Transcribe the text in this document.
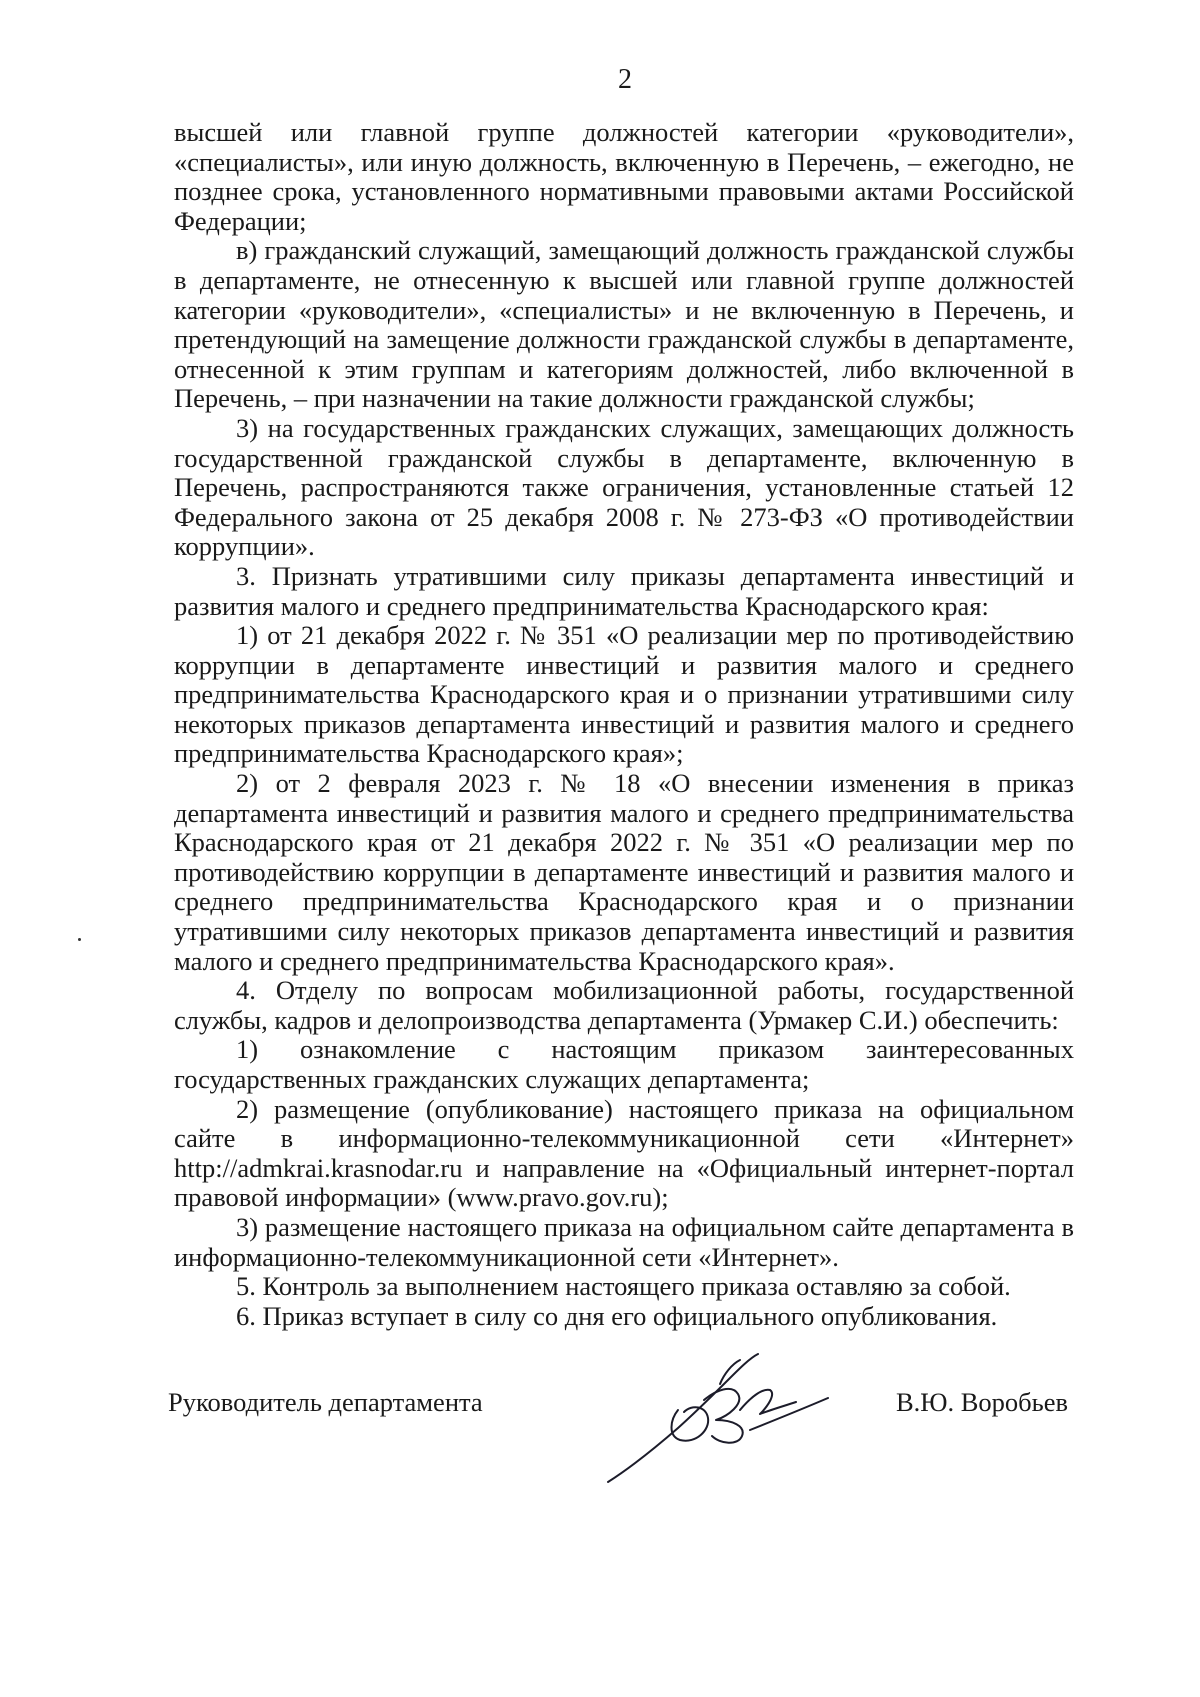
2

высшей или главной группе должностей категории «руководители», «специалисты», или иную должность, включенную в Перечень, – ежегодно, не позднее срока, установленного нормативными правовыми актами Российской Федерации;

в) гражданский служащий, замещающий должность гражданской службы в департаменте, не отнесенную к высшей или главной группе должностей категории «руководители», «специалисты» и не включенную в Перечень, и претендующий на замещение должности гражданской службы в департаменте, отнесенной к этим группам и категориям должностей, либо включенной в Перечень, – при назначении на такие должности гражданской службы;

3) на государственных гражданских служащих, замещающих должность государственной гражданской службы в департаменте, включенную в Перечень, распространяются также ограничения, установленные статьей 12 Федерального закона от 25 декабря 2008 г. № 273-ФЗ «О противодействии коррупции».

3. Признать утратившими силу приказы департамента инвестиций и развития малого и среднего предпринимательства Краснодарского края:

1) от 21 декабря 2022 г. № 351 «О реализации мер по противодействию коррупции в департаменте инвестиций и развития малого и среднего предпринимательства Краснодарского края и о признании утратившими силу некоторых приказов департамента инвестиций и развития малого и среднего предпринимательства Краснодарского края»;

2) от 2 февраля 2023 г. № 18 «О внесении изменения в приказ департамента инвестиций и развития малого и среднего предпринимательства Краснодарского края от 21 декабря 2022 г. № 351 «О реализации мер по противодействию коррупции в департаменте инвестиций и развития малого и среднего предпринимательства Краснодарского края и о признании утратившими силу некоторых приказов департамента инвестиций и развития малого и среднего предпринимательства Краснодарского края».

4. Отделу по вопросам мобилизационной работы, государственной службы, кадров и делопроизводства департамента (Урмакер С.И.) обеспечить:

1) ознакомление с настоящим приказом заинтересованных государственных гражданских служащих департамента;

2) размещение (опубликование) настоящего приказа на официальном сайте в информационно-телекоммуникационной сети «Интернет» http://admkrai.krasnodar.ru и направление на «Официальный интернет-портал правовой информации» (www.pravo.gov.ru);

3) размещение настоящего приказа на официальном сайте департамента в информационно-телекоммуникационной сети «Интернет».

5. Контроль за выполнением настоящего приказа оставляю за собой.

6. Приказ вступает в силу со дня его официального опубликования.

Руководитель департамента	В.Ю. Воробьев
